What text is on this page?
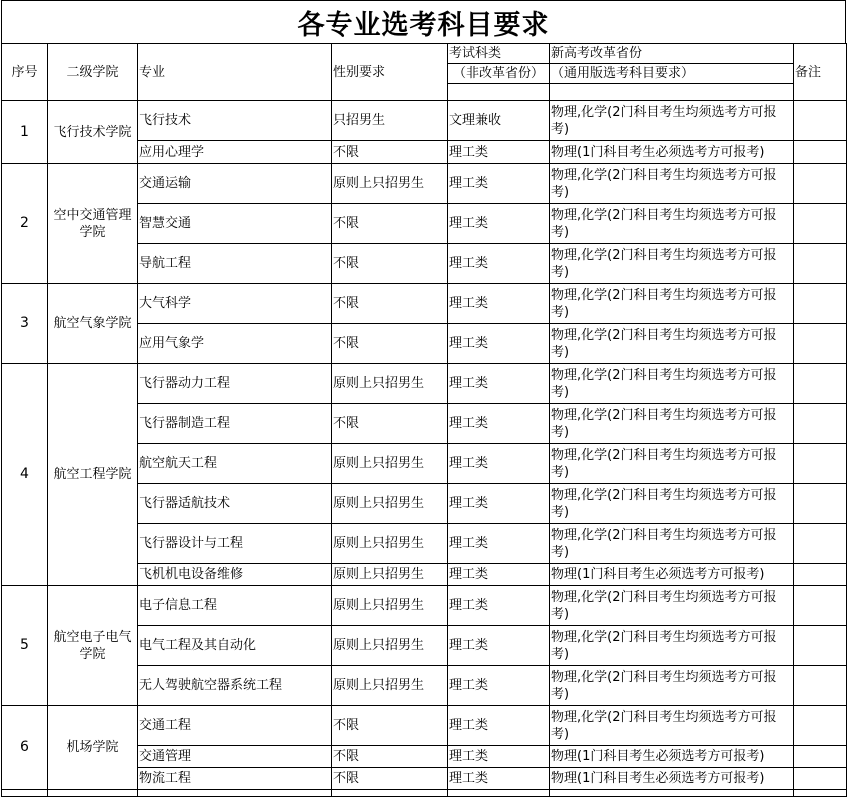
各专业选考科目要求
序号	二级学院	专业	性别要求	考试科类	新高考改革省份	备注
				（非改革省份）	（通用版选考科目要求）	

1	飞行技术学院	飞行技术	只招男生	文理兼收	物理,化学(2门科目考生均须选考方可报考)	
		应用心理学	不限	理工类	物理(1门科目考生必须选考方可报考)	
2	空中交通管理学院	交通运输	原则上只招男生	理工类	物理,化学(2门科目考生均须选考方可报考)	
		智慧交通	不限	理工类	物理,化学(2门科目考生均须选考方可报考)	
		导航工程	不限	理工类	物理,化学(2门科目考生均须选考方可报考)	
3	航空气象学院	大气科学	不限	理工类	物理,化学(2门科目考生均须选考方可报考)	
		应用气象学	不限	理工类	物理,化学(2门科目考生均须选考方可报考)	
4	航空工程学院	飞行器动力工程	原则上只招男生	理工类	物理,化学(2门科目考生均须选考方可报考)	
		飞行器制造工程	不限	理工类	物理,化学(2门科目考生均须选考方可报考)	
		航空航天工程	原则上只招男生	理工类	物理,化学(2门科目考生均须选考方可报考)	
		飞行器适航技术	原则上只招男生	理工类	物理,化学(2门科目考生均须选考方可报考)	
		飞行器设计与工程	原则上只招男生	理工类	物理,化学(2门科目考生均须选考方可报考)	
		飞机机电设备维修	原则上只招男生	理工类	物理(1门科目考生必须选考方可报考)	
5	航空电子电气学院	电子信息工程	原则上只招男生	理工类	物理,化学(2门科目考生均须选考方可报考)	
		电气工程及其自动化	原则上只招男生	理工类	物理,化学(2门科目考生均须选考方可报考)	
		无人驾驶航空器系统工程	原则上只招男生	理工类	物理,化学(2门科目考生均须选考方可报考)	
6	机场学院	交通工程	不限	理工类	物理,化学(2门科目考生均须选考方可报考)	
		交通管理	不限	理工类	物理(1门科目考生必须选考方可报考)	
		物流工程	不限	理工类	物理(1门科目考生必须选考方可报考)	
